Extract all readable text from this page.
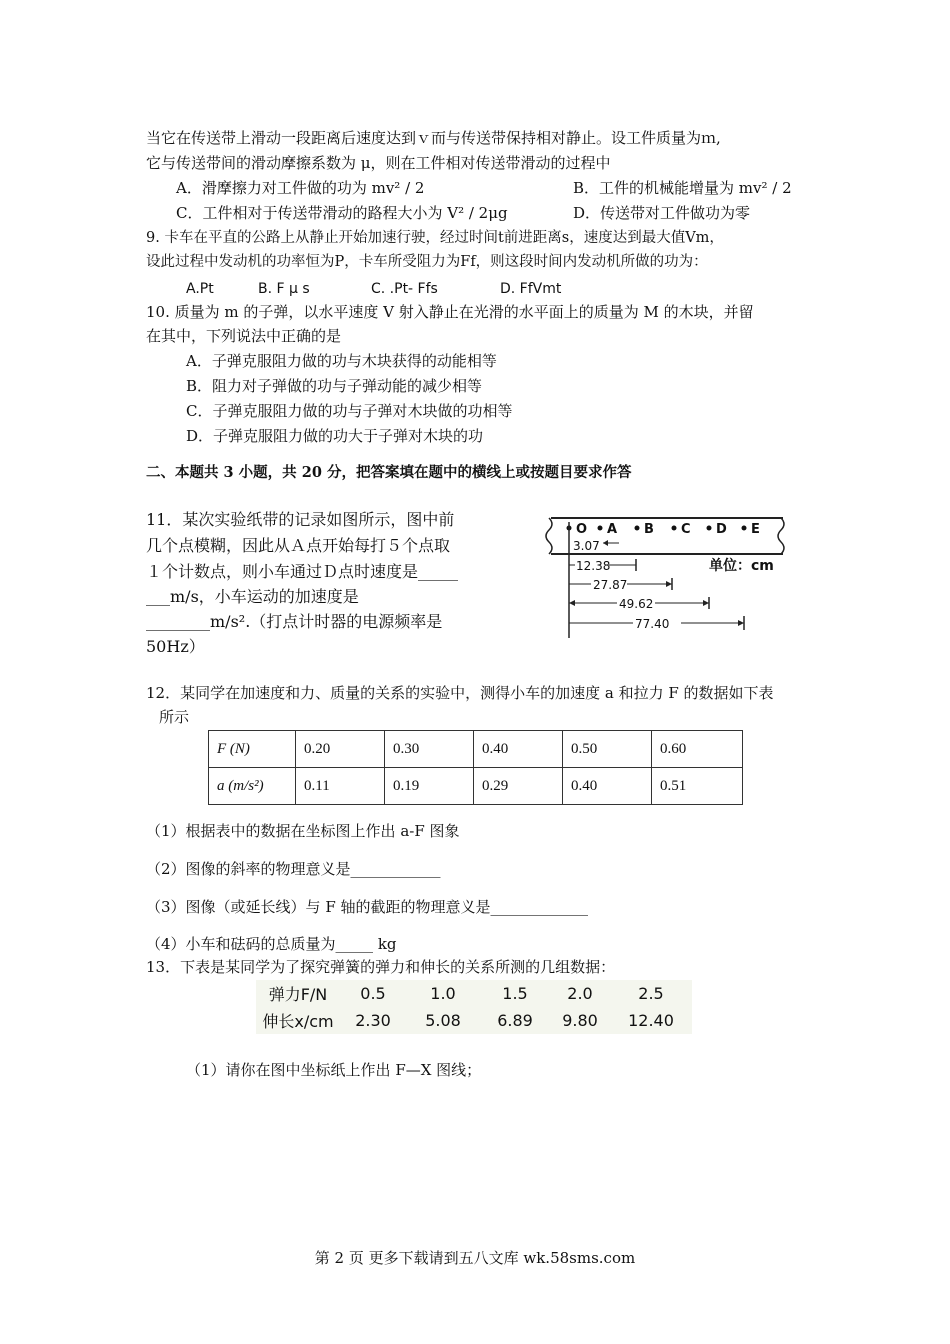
当它在传送带上滑动一段距离后速度达到ｖ而与传送带保持相对静止。设工件质量为ｍ,
它与传送带间的滑动摩擦系数为 μ，则在工件相对传送带滑动的过程中
A．滑摩擦力对工件做的功为 mv² / 2	B．工件的机械能增量为 mv² / 2
C．工件相对于传送带滑动的路程大小为 V² / 2μg	D．传送带对工件做功为零
9. 卡车在平直的公路上从静止开始加速行驶，经过时间t前进距离s，速度达到最大值Vm，
设此过程中发动机的功率恒为P，卡车所受阻力为Ff，则这段时间内发动机所做的功为：
A.Pt	B. F μ s	C. .Pt- Ffs	D. FfVmt
10. 质量为 m 的子弹，以水平速度 V 射入静止在光滑的水平面上的质量为 M 的木块，并留
在其中，下列说法中正确的是
A．子弹克服阻力做的功与木块获得的动能相等
B．阻力对子弹做的功与子弹动能的减少相等
C．子弹克服阻力做的功与子弹对木块做的功相等
D．子弹克服阻力做的功大于子弹对木块的功
二、本题共 3 小题，共 20 分，把答案填在题中的横线上或按题目要求作答
11．某次实验纸带的记录如图所示，图中前
几个点模糊，因此从Ａ点开始每打５个点取
１个计数点，则小车通过Ｄ点时速度是_____
___m/s，小车运动的加速度是
________m/s².（打点计时器的电源频率是
50Hz）
O A B C D E
3.07
12.38	单位：cm
27.87
49.62
77.40
12．某同学在加速度和力、质量的关系的实验中，测得小车的加速度 a 和拉力 F 的数据如下表
所示
F (N)	0.20	0.30	0.40	0.50	0.60
a (m/s²)	0.11	0.19	0.29	0.40	0.51
（1）根据表中的数据在坐标图上作出 a-F 图象
（2）图像的斜率的物理意义是____________
（3）图像（或延长线）与 F 轴的截距的物理意义是_____________
（4）小车和砝码的总质量为_____ kg
13．下表是某同学为了探究弹簧的弹力和伸长的关系所测的几组数据：
弹力F/N	0.5	1.0	1.5	2.0	2.5
伸长x/cm	2.30	5.08	6.89	9.80	12.40
（1）请你在图中坐标纸上作出 F—X 图线；
第 2 页 更多下载请到五八文库 wk.58sms.com
